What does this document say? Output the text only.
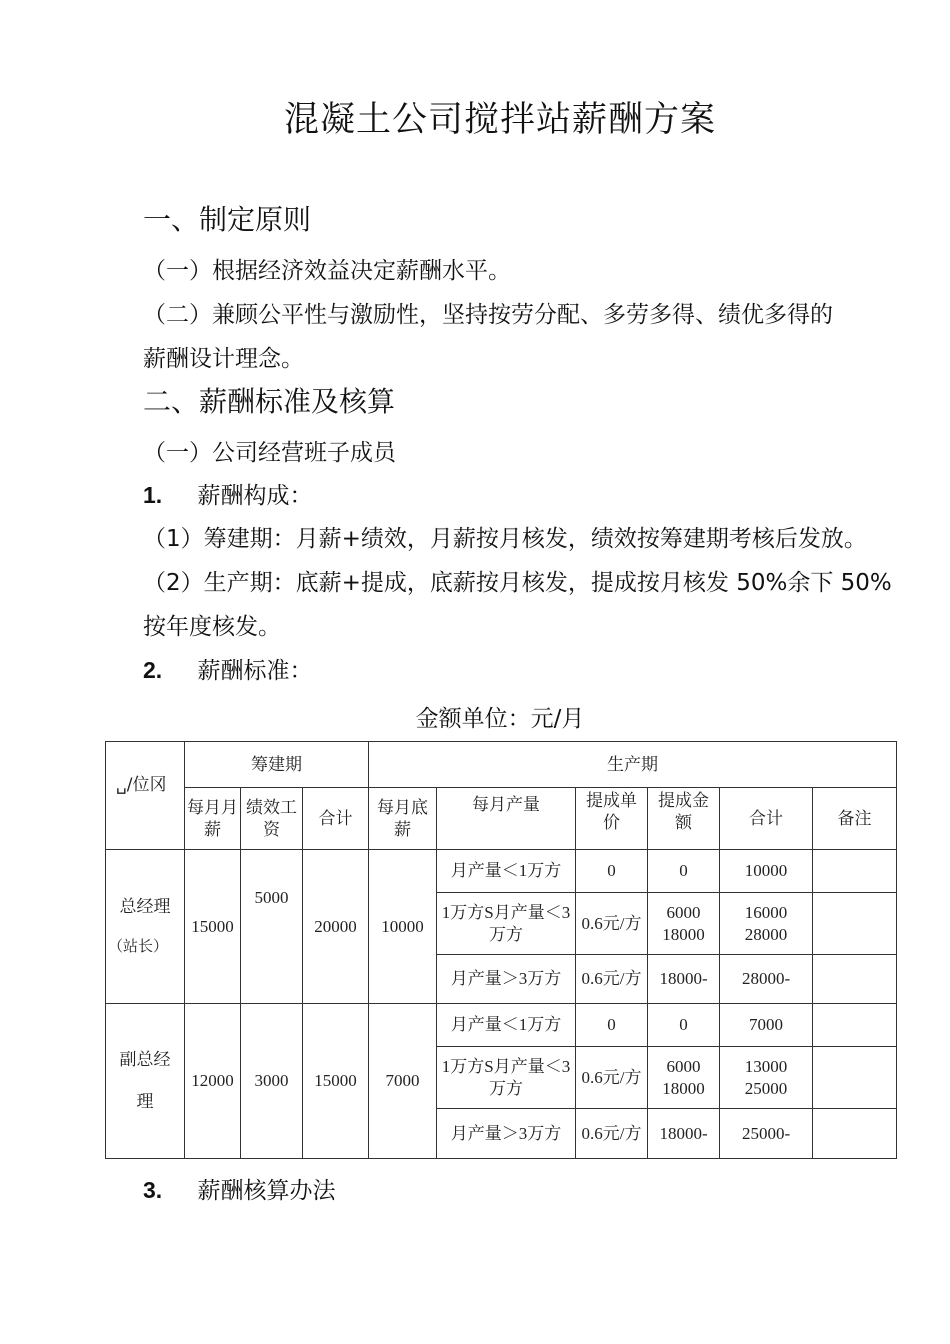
混凝土公司搅拌站薪酬方案
一、制定原则
（一）根据经济效益决定薪酬水平。
（二）兼顾公平性与激励性，坚持按劳分配、多劳多得、绩优多得的
薪酬设计理念。
二、薪酬标准及核算
（一）公司经营班子成员
1. 薪酬构成：
（1）筹建期：月薪+绩效，月薪按月核发，绩效按筹建期考核后发放。
（2）生产期：底薪+提成，底薪按月核发，提成按月核发 50%余下 50%
按年度核发。
2. 薪酬标准：
金额单位：元/月
␣/位冈	筹建期			生产期					
	每月月薪	绩效工资	合计	每月底薪	每月产量	提成单价	提成金额	合计	备注

总经理
（站长）	15000	5000	20000	10000	月产量＜1万方	0	0	10000	
					1万方S月产量＜3万方	0.6元/方	6000 18000	16000 28000	
					月产量＞3万方	0.6元/方	18000-	28000-	

副总经
理	12000	3000	15000	7000	月产量＜1万方	0	0	7000	
					1万方S月产量＜3万方	0.6元/方	6000 18000	13000 25000	
					月产量＞3万方	0.6元/方	18000-	25000-	
3. 薪酬核算办法
